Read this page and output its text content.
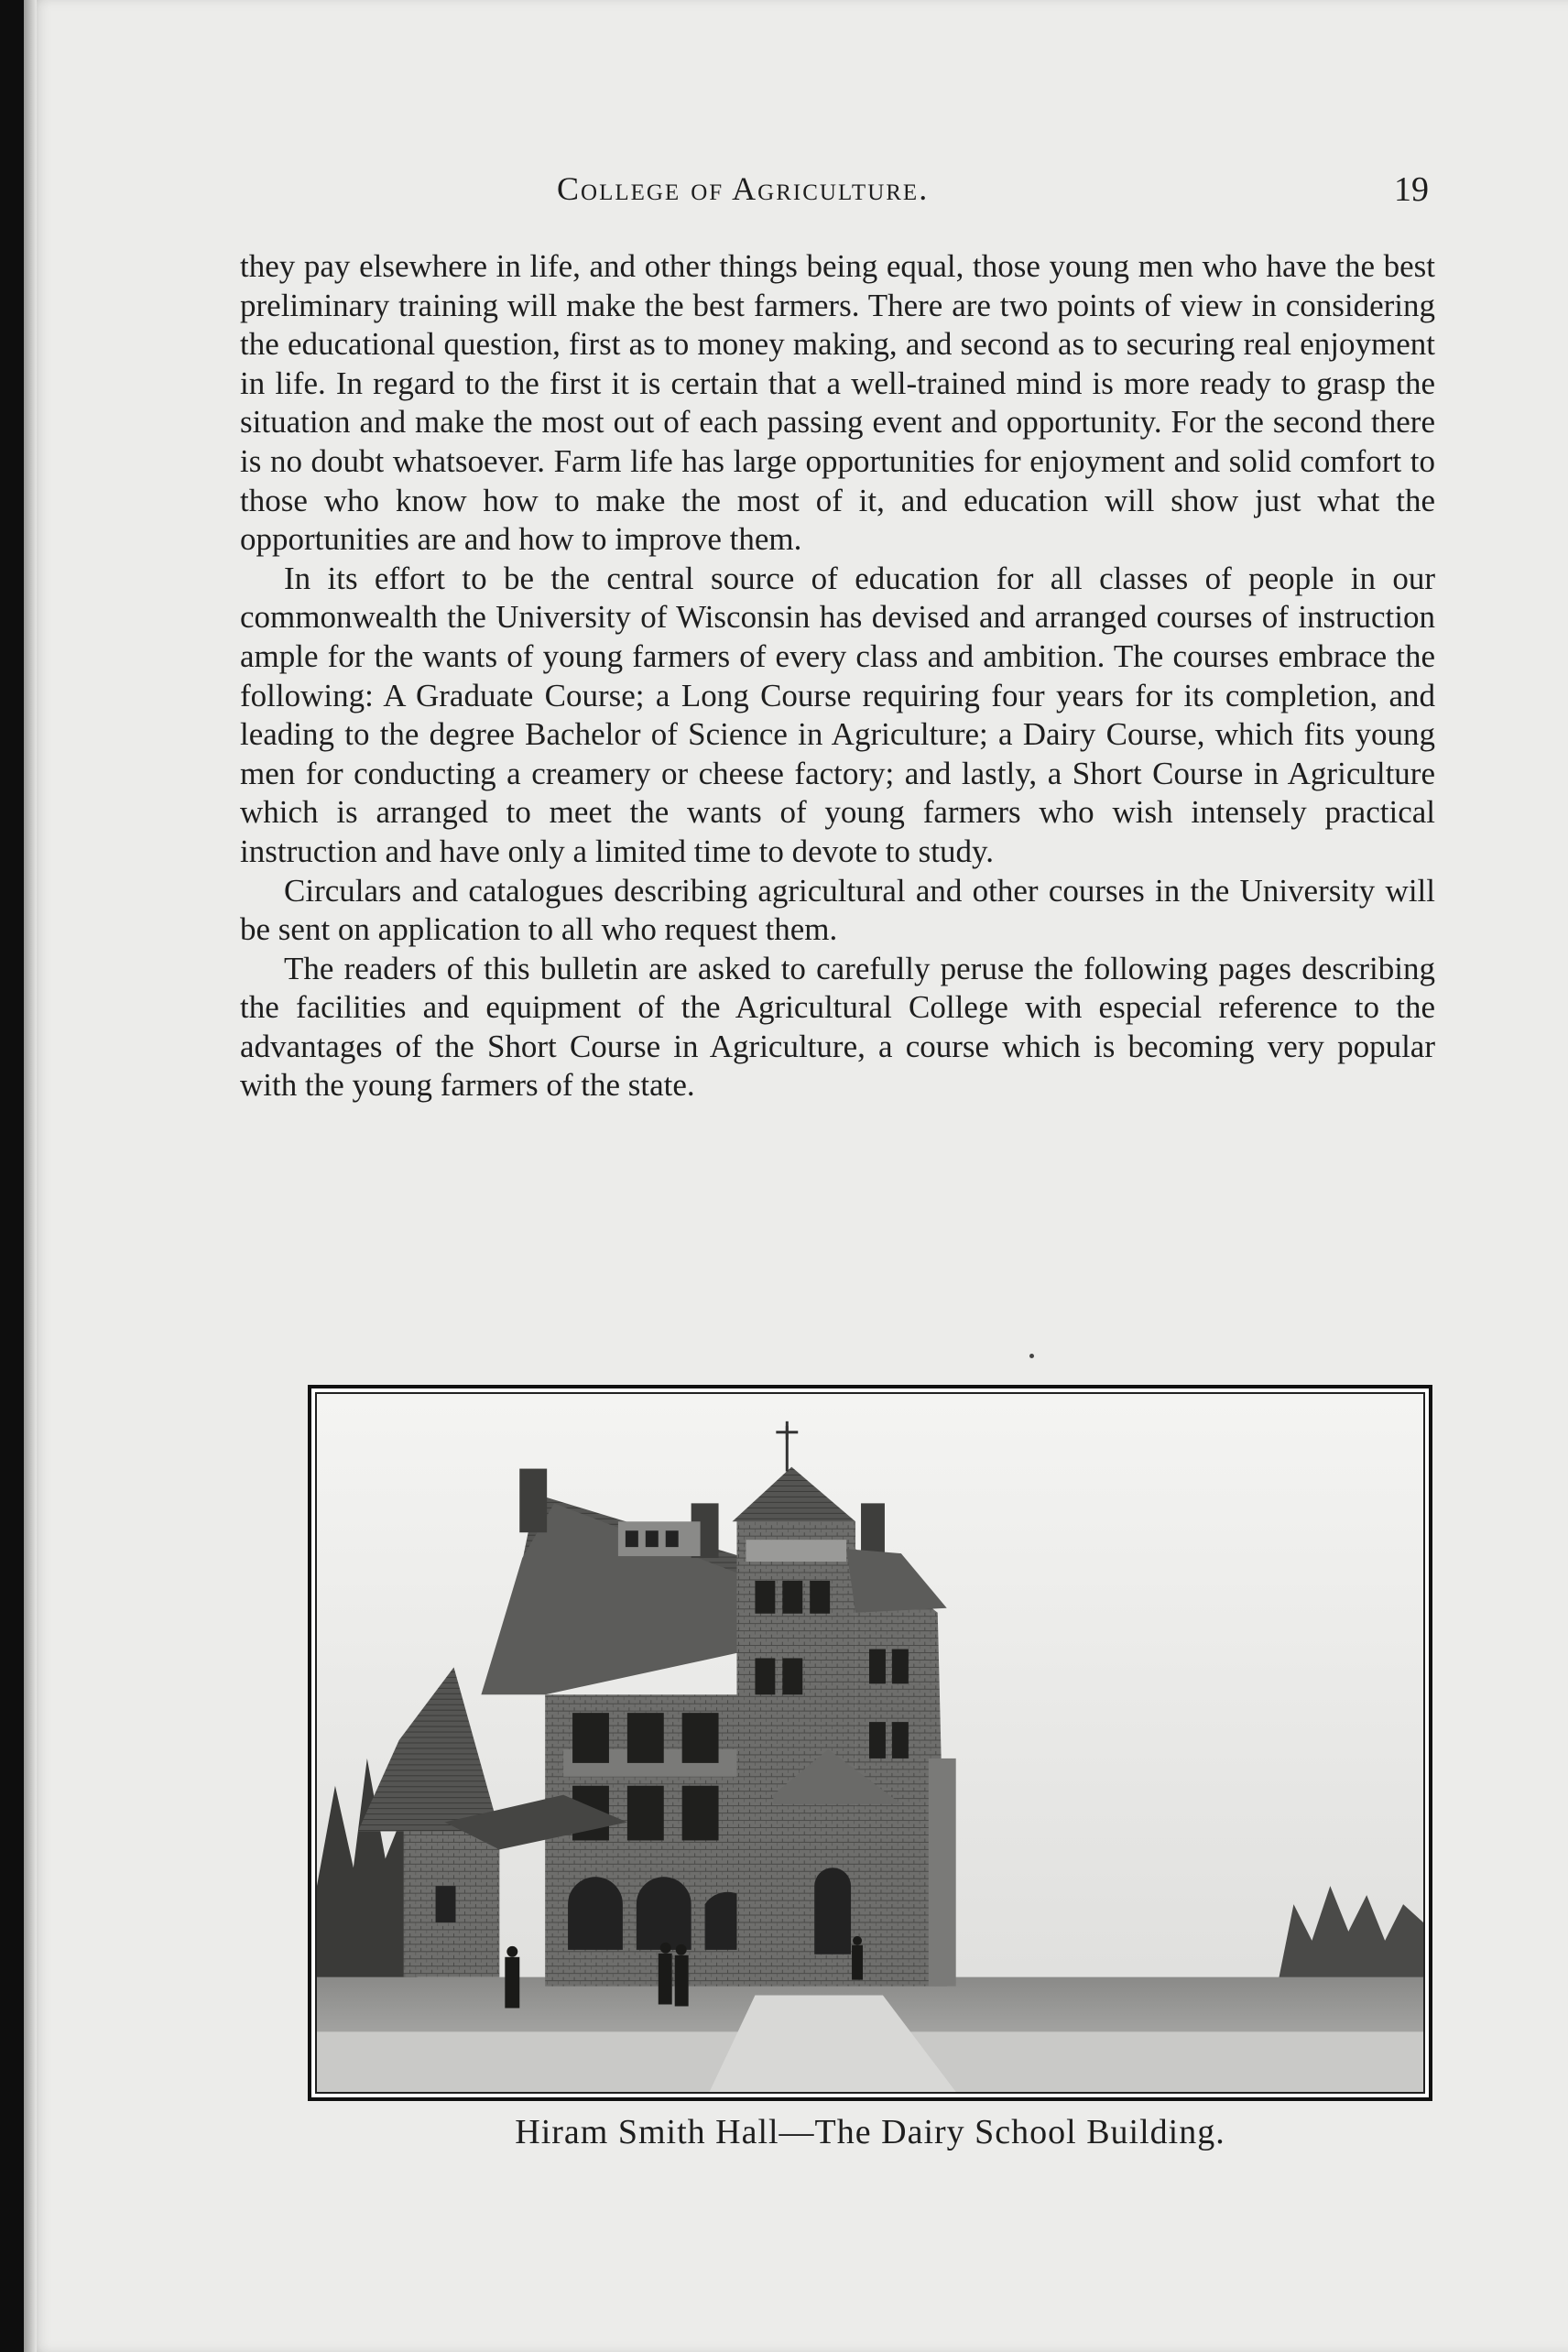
College of Agriculture.	19

they pay elsewhere in life, and other things being equal, those young men who have the best preliminary training will make the best farmers. There are two points of view in considering the educational question, first as to money making, and second as to securing real enjoyment in life. In regard to the first it is certain that a well-trained mind is more ready to grasp the situation and make the most out of each passing event and opportunity. For the second there is no doubt whatsoever. Farm life has large opportunities for enjoyment and solid comfort to those who know how to make the most of it, and education will show just what the opportunities are and how to improve them.

In its effort to be the central source of education for all classes of people in our commonwealth the University of Wisconsin has devised and arranged courses of instruction ample for the wants of young farmers of every class and ambition. The courses embrace the following: A Graduate Course; a Long Course requiring four years for its completion, and leading to the degree Bachelor of Science in Agriculture; a Dairy Course, which fits young men for conducting a creamery or cheese factory; and lastly, a Short Course in Agriculture which is arranged to meet the wants of young farmers who wish intensely practical instruction and have only a limited time to devote to study.

Circulars and catalogues describing agricultural and other courses in the University will be sent on application to all who request them.

The readers of this bulletin are asked to carefully peruse the following pages describing the facilities and equipment of the Agricultural College with especial reference to the advantages of the Short Course in Agriculture, a course which is becoming very popular with the young farmers of the state.

Hiram Smith Hall—The Dairy School Building.
